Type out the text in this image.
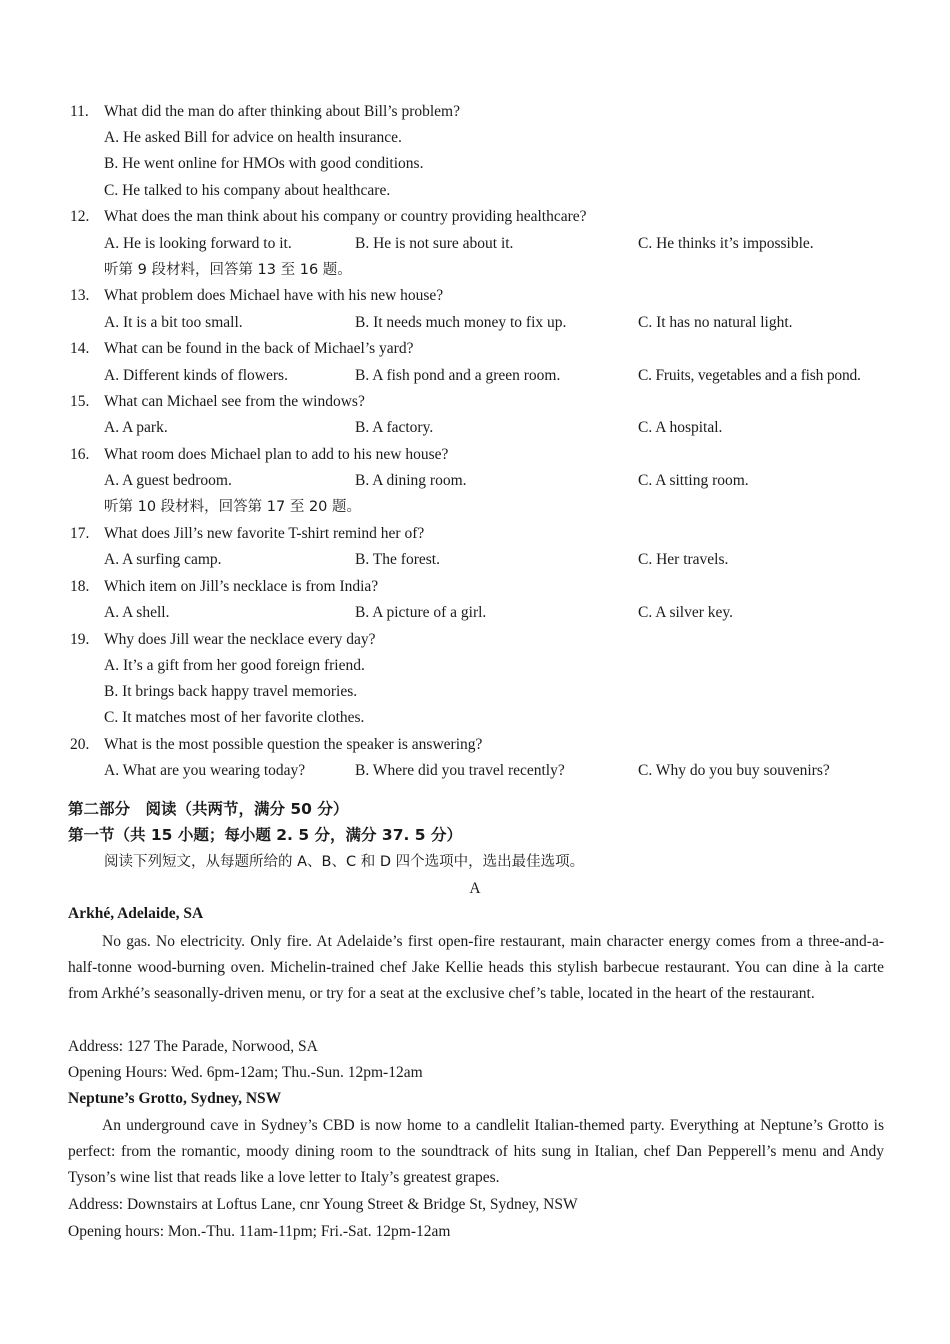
11. What did the man do after thinking about Bill’s problem?
A. He asked Bill for advice on health insurance.
B. He went online for HMOs with good conditions.
C. He talked to his company about healthcare.
12. What does the man think about his company or country providing healthcare?
A. He is looking forward to it.	B. He is not sure about it.	C. He thinks it’s impossible.
听第 9 段材料，回答第 13 至 16 题。
13. What problem does Michael have with his new house?
A. It is a bit too small.	B. It needs much money to fix up.	C. It has no natural light.
14. What can be found in the back of Michael’s yard?
A. Different kinds of flowers.	B. A fish pond and a green room.	C. Fruits, vegetables and a fish pond.
15. What can Michael see from the windows?
A. A park.	B. A factory.	C. A hospital.
16. What room does Michael plan to add to his new house?
A. A guest bedroom.	B. A dining room.	C. A sitting room.
听第 10 段材料，回答第 17 至 20 题。
17. What does Jill’s new favorite T-shirt remind her of?
A. A surfing camp.	B. The forest.	C. Her travels.
18. Which item on Jill’s necklace is from India?
A. A shell.	B. A picture of a girl.	C. A silver key.
19. Why does Jill wear the necklace every day?
A. It’s a gift from her good foreign friend.
B. It brings back happy travel memories.
C. It matches most of her favorite clothes.
20. What is the most possible question the speaker is answering?
A. What are you wearing today?	B. Where did you travel recently?	C. Why do you buy souvenirs?
第二部分　阅读（共两节，满分 50 分）
第一节（共 15 小题；每小题 2. 5 分，满分 37. 5 分）
阅读下列短文，从每题所给的 A、B、C 和 D 四个选项中，选出最佳选项。
A
Arkhé, Adelaide, SA

No gas. No electricity. Only fire. At Adelaide’s first open-fire restaurant, main character energy comes from a three-and-a-half-tonne wood-burning oven. Michelin-trained chef Jake Kellie heads this stylish barbecue restaurant. You can dine à la carte from Arkhé’s seasonally-driven menu, or try for a seat at the exclusive chef’s table, located in the heart of the restaurant.

Address: 127 The Parade, Norwood, SA
Opening Hours: Wed. 6pm-12am; Thu.-Sun. 12pm-12am
Neptune’s Grotto, Sydney, NSW

An underground cave in Sydney’s CBD is now home to a candlelit Italian-themed party. Everything at Neptune’s Grotto is perfect: from the romantic, moody dining room to the soundtrack of hits sung in Italian, chef Dan Pepperell’s menu and Andy Tyson’s wine list that reads like a love letter to Italy’s greatest grapes.

Address: Downstairs at Loftus Lane, cnr Young Street & Bridge St, Sydney, NSW
Opening hours: Mon.-Thu. 11am-11pm; Fri.-Sat. 12pm-12am
